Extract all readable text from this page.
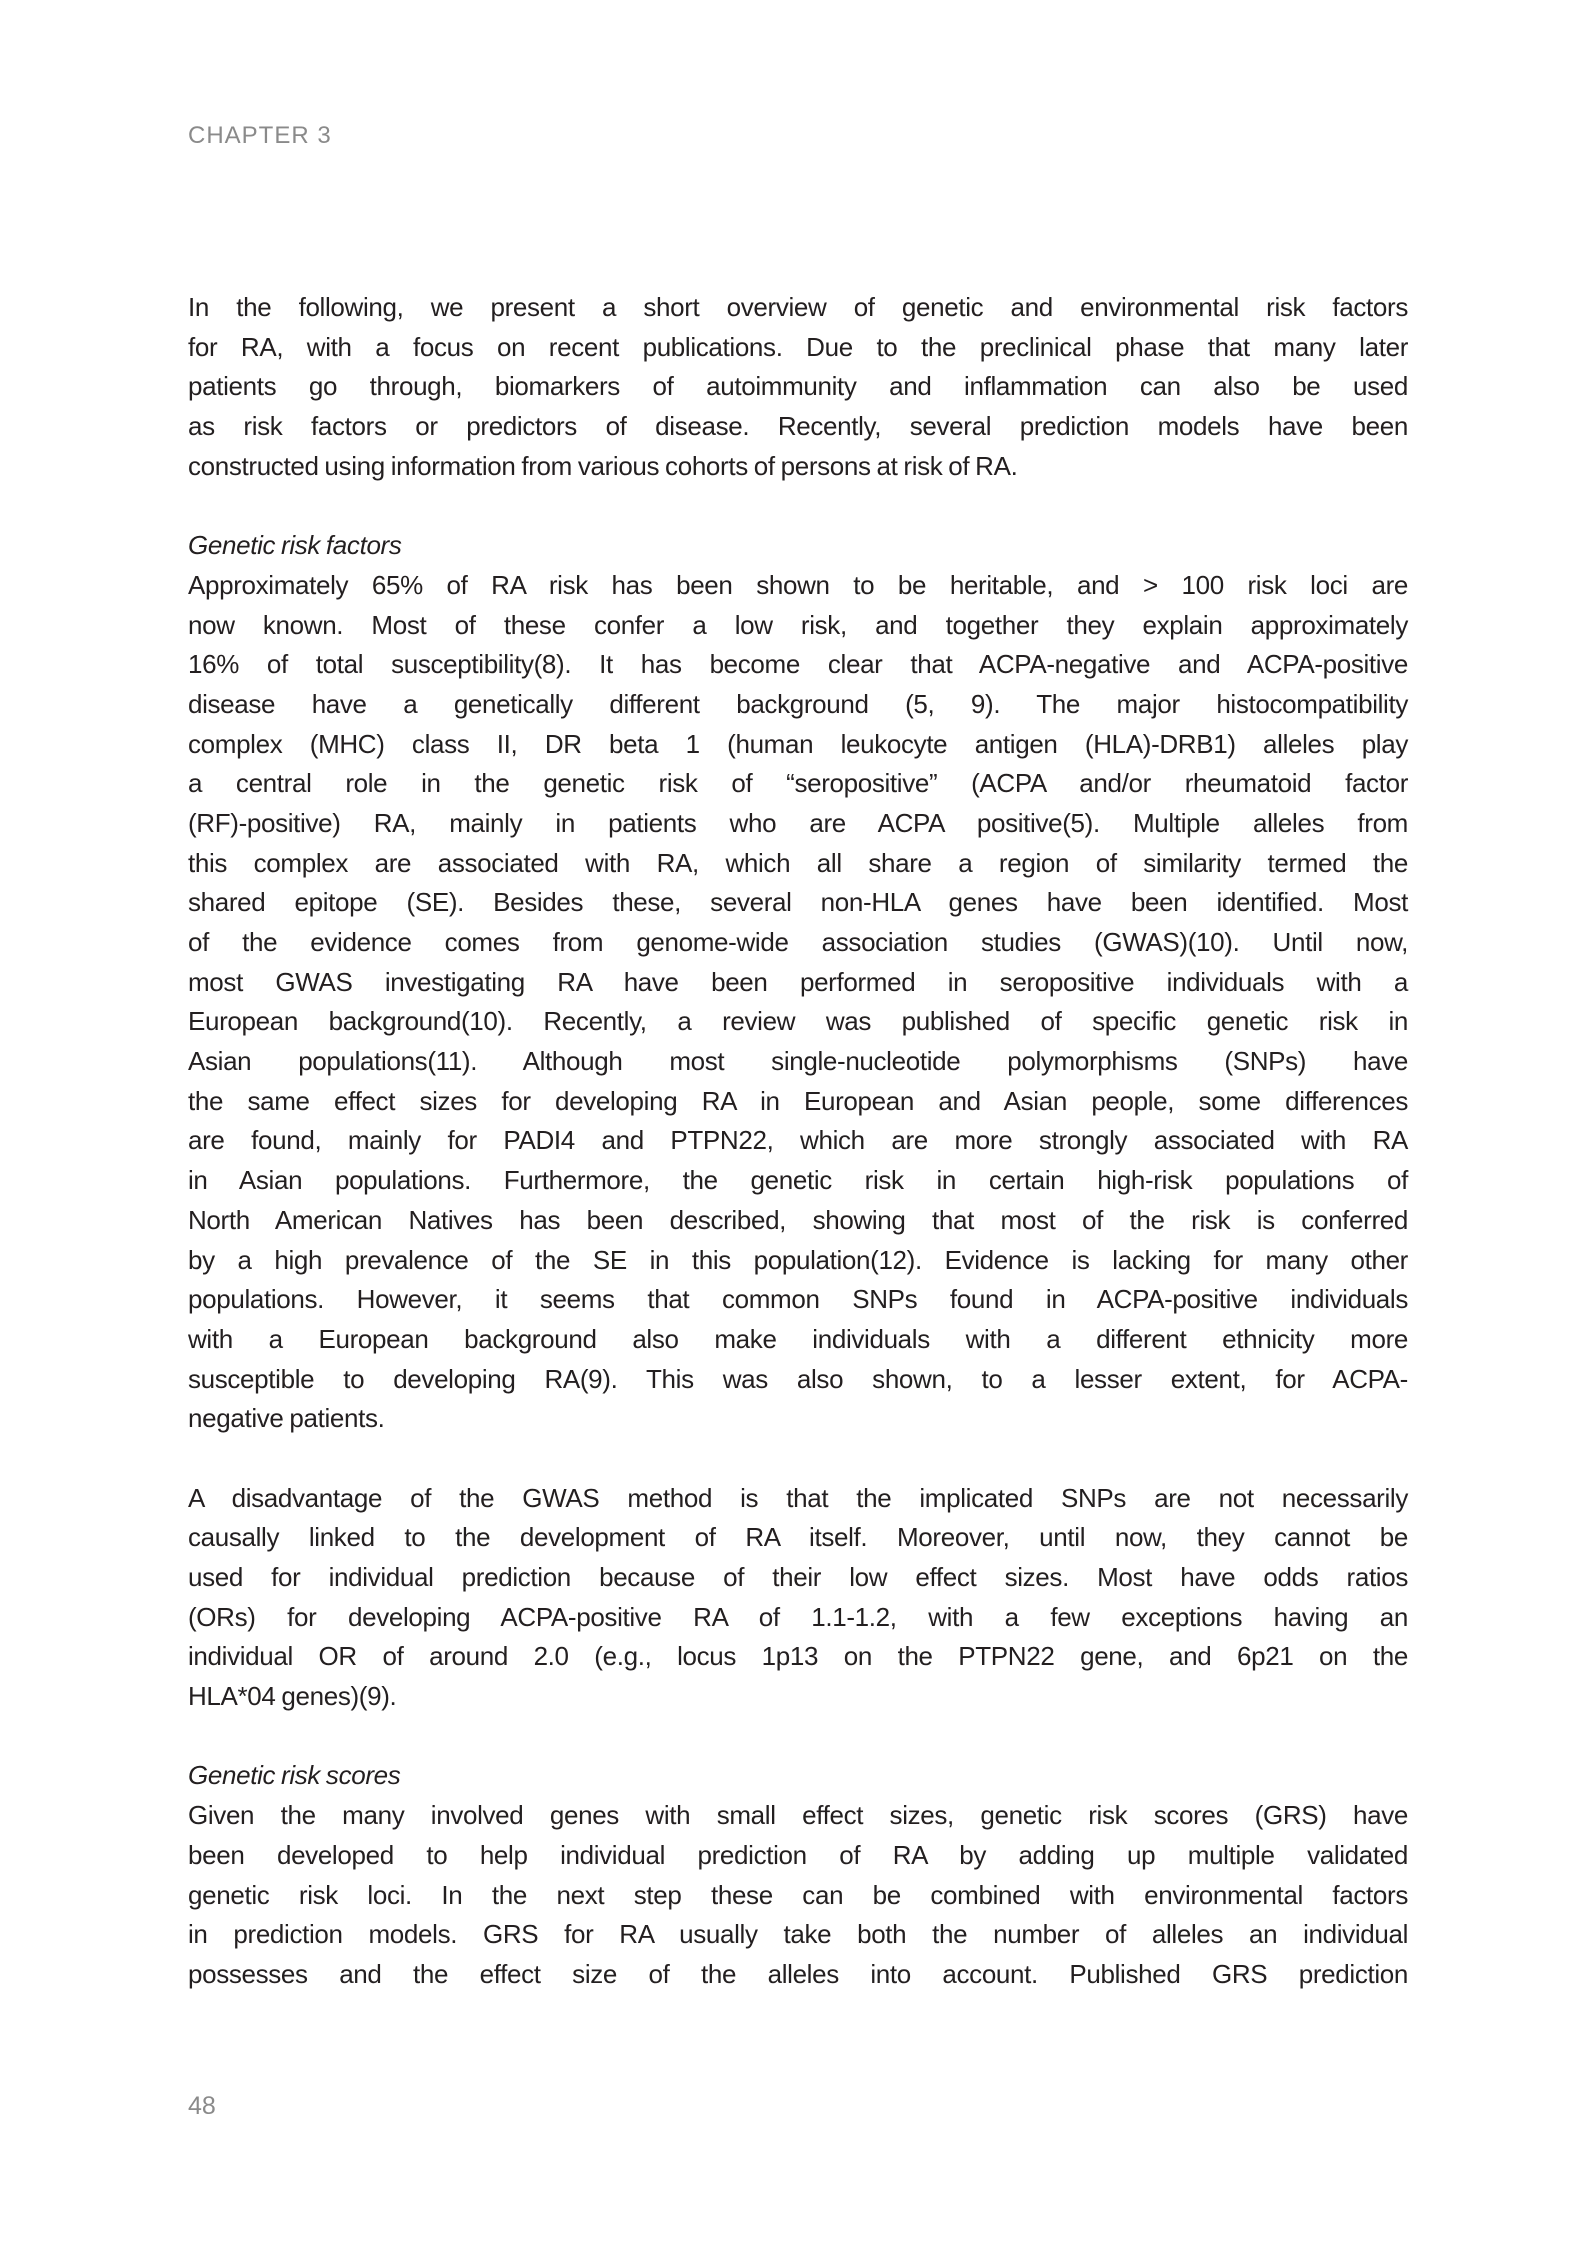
CHAPTER 3
In the following, we present a short overview of genetic and environmental risk factors
for RA, with a focus on recent publications. Due to the preclinical phase that many later
patients go through, biomarkers of autoimmunity and inflammation can also be used
as risk factors or predictors of disease. Recently, several prediction models have been
constructed using information from various cohorts of persons at risk of RA.
Genetic risk factors
Approximately 65% of RA risk has been shown to be heritable, and > 100 risk loci are
now known. Most of these confer a low risk, and together they explain approximately
16% of total susceptibility(8). It has become clear that ACPA-negative and ACPA-positive
disease have a genetically different background (5, 9). The major histocompatibility
complex (MHC) class II, DR beta 1 (human leukocyte antigen (HLA)-DRB1) alleles play
a central role in the genetic risk of “seropositive” (ACPA and/or rheumatoid factor
(RF)-positive) RA, mainly in patients who are ACPA positive(5). Multiple alleles from
this complex are associated with RA, which all share a region of similarity termed the
shared epitope (SE). Besides these, several non-HLA genes have been identified. Most
of the evidence comes from genome-wide association studies (GWAS)(10). Until now,
most GWAS investigating RA have been performed in seropositive individuals with a
European background(10). Recently, a review was published of specific genetic risk in
Asian populations(11). Although most single-nucleotide polymorphisms (SNPs) have
the same effect sizes for developing RA in European and Asian people, some differences
are found, mainly for PADI4 and PTPN22, which are more strongly associated with RA
in Asian populations. Furthermore, the genetic risk in certain high-risk populations of
North American Natives has been described, showing that most of the risk is conferred
by a high prevalence of the SE in this population(12). Evidence is lacking for many other
populations. However, it seems that common SNPs found in ACPA-positive individuals
with a European background also make individuals with a different ethnicity more
susceptible to developing RA(9). This was also shown, to a lesser extent, for ACPA-
negative patients.
A disadvantage of the GWAS method is that the implicated SNPs are not necessarily
causally linked to the development of RA itself. Moreover, until now, they cannot be
used for individual prediction because of their low effect sizes. Most have odds ratios
(ORs) for developing ACPA-positive RA of 1.1-1.2, with a few exceptions having an
individual OR of around 2.0 (e.g., locus 1p13 on the PTPN22 gene, and 6p21 on the
HLA*04 genes)(9).
Genetic risk scores
Given the many involved genes with small effect sizes, genetic risk scores (GRS) have
been developed to help individual prediction of RA by adding up multiple validated
genetic risk loci. In the next step these can be combined with environmental factors
in prediction models. GRS for RA usually take both the number of alleles an individual
possesses and the effect size of the alleles into account. Published GRS prediction
48
